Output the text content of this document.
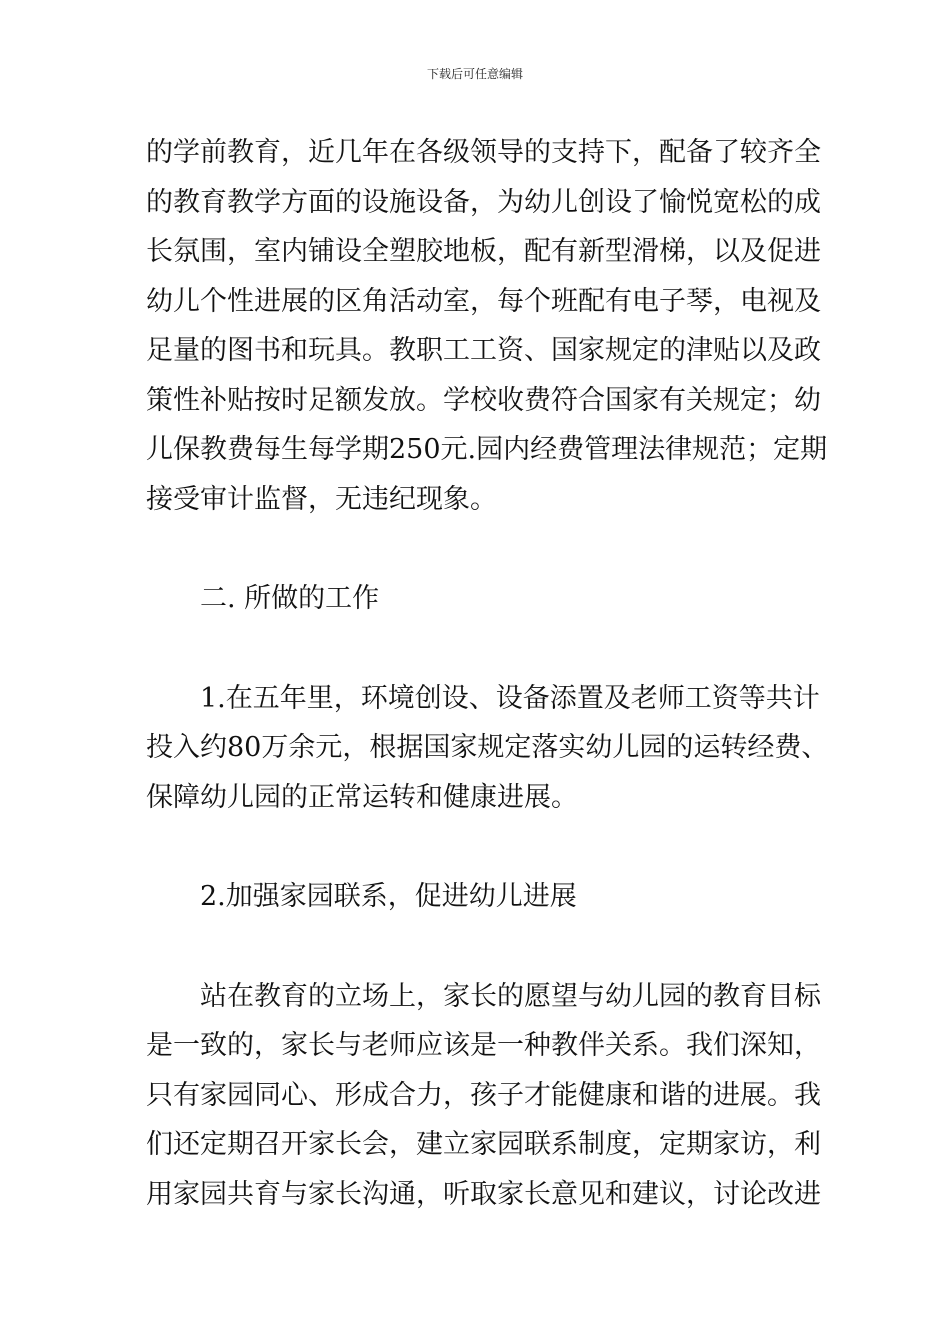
下载后可任意编辑
的学前教育，近几年在各级领导的支持下，配备了较齐全
的教育教学方面的设施设备，为幼儿创设了愉悦宽松的成
长氛围，室内铺设全塑胶地板，配有新型滑梯，以及促进
幼儿个性进展的区角活动室，每个班配有电子琴，电视及
足量的图书和玩具。教职工工资、国家规定的津贴以及政
策性补贴按时足额发放。学校收费符合国家有关规定；幼
儿保教费每生每学期250元.园内经费管理法律规范；定期
接受审计监督，无违纪现象。
二. 所做的工作
1.在五年里，环境创设、设备添置及老师工资等共计
投入约80万余元，根据国家规定落实幼儿园的运转经费、
保障幼儿园的正常运转和健康进展。
2.加强家园联系，促进幼儿进展
站在教育的立场上，家长的愿望与幼儿园的教育目标
是一致的，家长与老师应该是一种教伴关系。我们深知，
只有家园同心、形成合力，孩子才能健康和谐的进展。我
们还定期召开家长会，建立家园联系制度，定期家访，利
用家园共育与家长沟通，听取家长意见和建议，讨论改进
